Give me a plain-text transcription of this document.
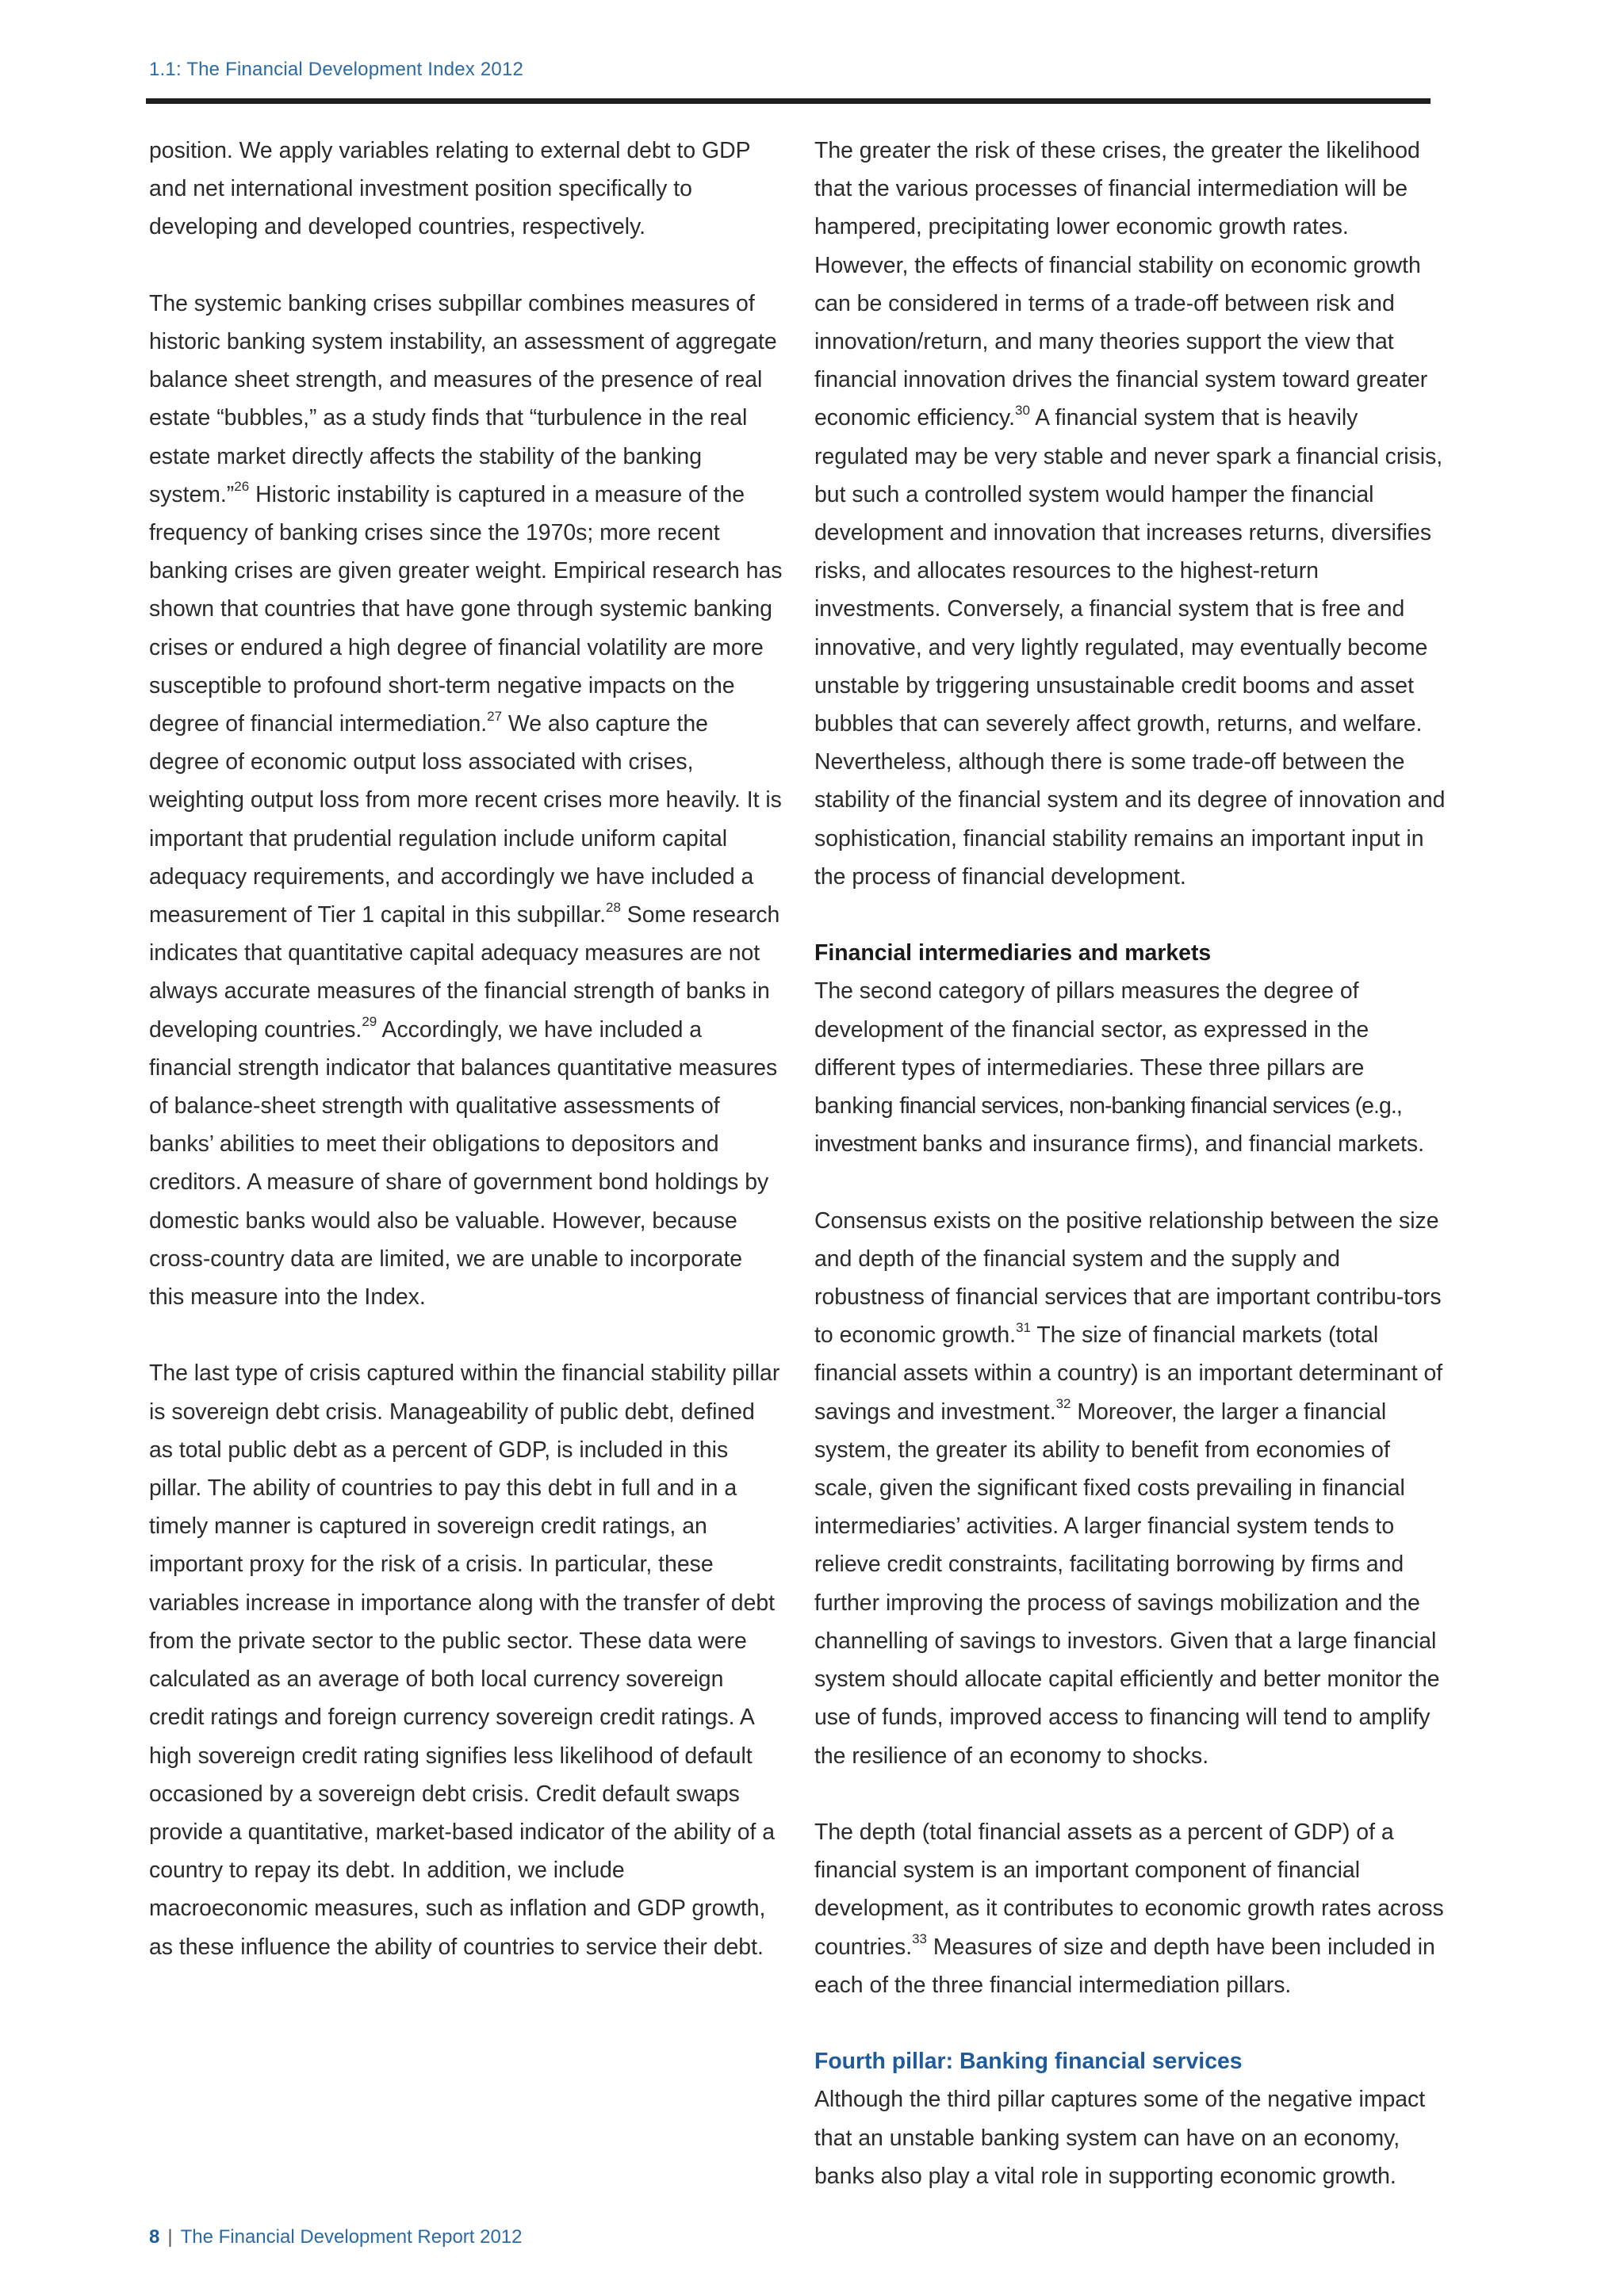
1.1: The Financial Development Index 2012

position. We apply variables relating to external debt to GDP and net international investment position specifically to developing and developed countries, respectively.

The systemic banking crises subpillar combines measures of historic banking system instability, an assessment of aggregate balance sheet strength, and measures of the presence of real estate “bubbles,” as a study finds that “turbulence in the real estate market directly affects the stability of the banking system.”$^{26}$ Historic instability is captured in a measure of the frequency of banking crises since the 1970s; more recent banking crises are given greater weight. Empirical research has shown that countries that have gone through systemic banking crises or endured a high degree of financial volatility are more susceptible to profound short-term negative impacts on the degree of financial intermediation.$^{27}$ We also capture the degree of economic output loss associated with crises, weighting output loss from more recent crises more heavily. It is important that prudential regulation include uniform capital adequacy requirements, and accordingly we have included a measurement of Tier 1 capital in this subpillar.$^{28}$ Some research indicates that quantitative capital adequacy measures are not always accurate measures of the financial strength of banks in developing countries.$^{29}$ Accordingly, we have included a financial strength indicator that balances quantitative measures of balance-sheet strength with qualitative assessments of banks’ abilities to meet their obligations to depositors and creditors. A measure of share of government bond holdings by domestic banks would also be valuable. However, because cross-country data are limited, we are unable to incorporate this measure into the Index.

The last type of crisis captured within the financial stability pillar is sovereign debt crisis. Manageability of public debt, defined as total public debt as a percent of GDP, is included in this pillar. The ability of countries to pay this debt in full and in a timely manner is captured in sovereign credit ratings, an important proxy for the risk of a crisis. In particular, these variables increase in importance along with the transfer of debt from the private sector to the public sector. These data were calculated as an average of both local currency sovereign credit ratings and foreign currency sovereign credit ratings. A high sovereign credit rating signifies less likelihood of default occasioned by a sovereign debt crisis. Credit default swaps provide a quantitative, market-based indicator of the ability of a country to repay its debt. In addition, we include macroeconomic measures, such as inflation and GDP growth, as these influence the ability of countries to service their debt.

The greater the risk of these crises, the greater the likelihood that the various processes of financial intermediation will be hampered, precipitating lower economic growth rates. However, the effects of financial stability on economic growth can be considered in terms of a trade-off between risk and innovation/return, and many theories support the view that financial innovation drives the financial system toward greater economic efficiency.$^{30}$ A financial system that is heavily regulated may be very stable and never spark a financial crisis, but such a controlled system would hamper the financial development and innovation that increases returns, diversifies risks, and allocates resources to the highest-return investments. Conversely, a financial system that is free and innovative, and very lightly regulated, may eventually become unstable by triggering unsustainable credit booms and asset bubbles that can severely affect growth, returns, and welfare. Nevertheless, although there is some trade-off between the stability of the financial system and its degree of innovation and sophistication, financial stability remains an important input in the process of financial development.

Financial intermediaries and markets

The second category of pillars measures the degree of development of the financial sector, as expressed in the different types of intermediaries. These three pillars are banking financial services, non-banking financial services (e.g., investment banks and insurance firms), and financial markets.

Consensus exists on the positive relationship between the size and depth of the financial system and the supply and robustness of financial services that are important contribu-tors to economic growth.$^{31}$ The size of financial markets (total financial assets within a country) is an important determinant of savings and investment.$^{32}$ Moreover, the larger a financial system, the greater its ability to benefit from economies of scale, given the significant fixed costs prevailing in financial intermediaries’ activities. A larger financial system tends to relieve credit constraints, facilitating borrowing by firms and further improving the process of savings mobilization and the channelling of savings to investors. Given that a large financial system should allocate capital efficiently and better monitor the use of funds, improved access to financing will tend to amplify the resilience of an economy to shocks.

The depth (total financial assets as a percent of GDP) of a financial system is an important component of financial development, as it contributes to economic growth rates across countries.$^{33}$ Measures of size and depth have been included in each of the three financial intermediation pillars.

Fourth pillar: Banking financial services

Although the third pillar captures some of the negative impact that an unstable banking system can have on an economy, banks also play a vital role in supporting economic growth.

8 | The Financial Development Report 2012
